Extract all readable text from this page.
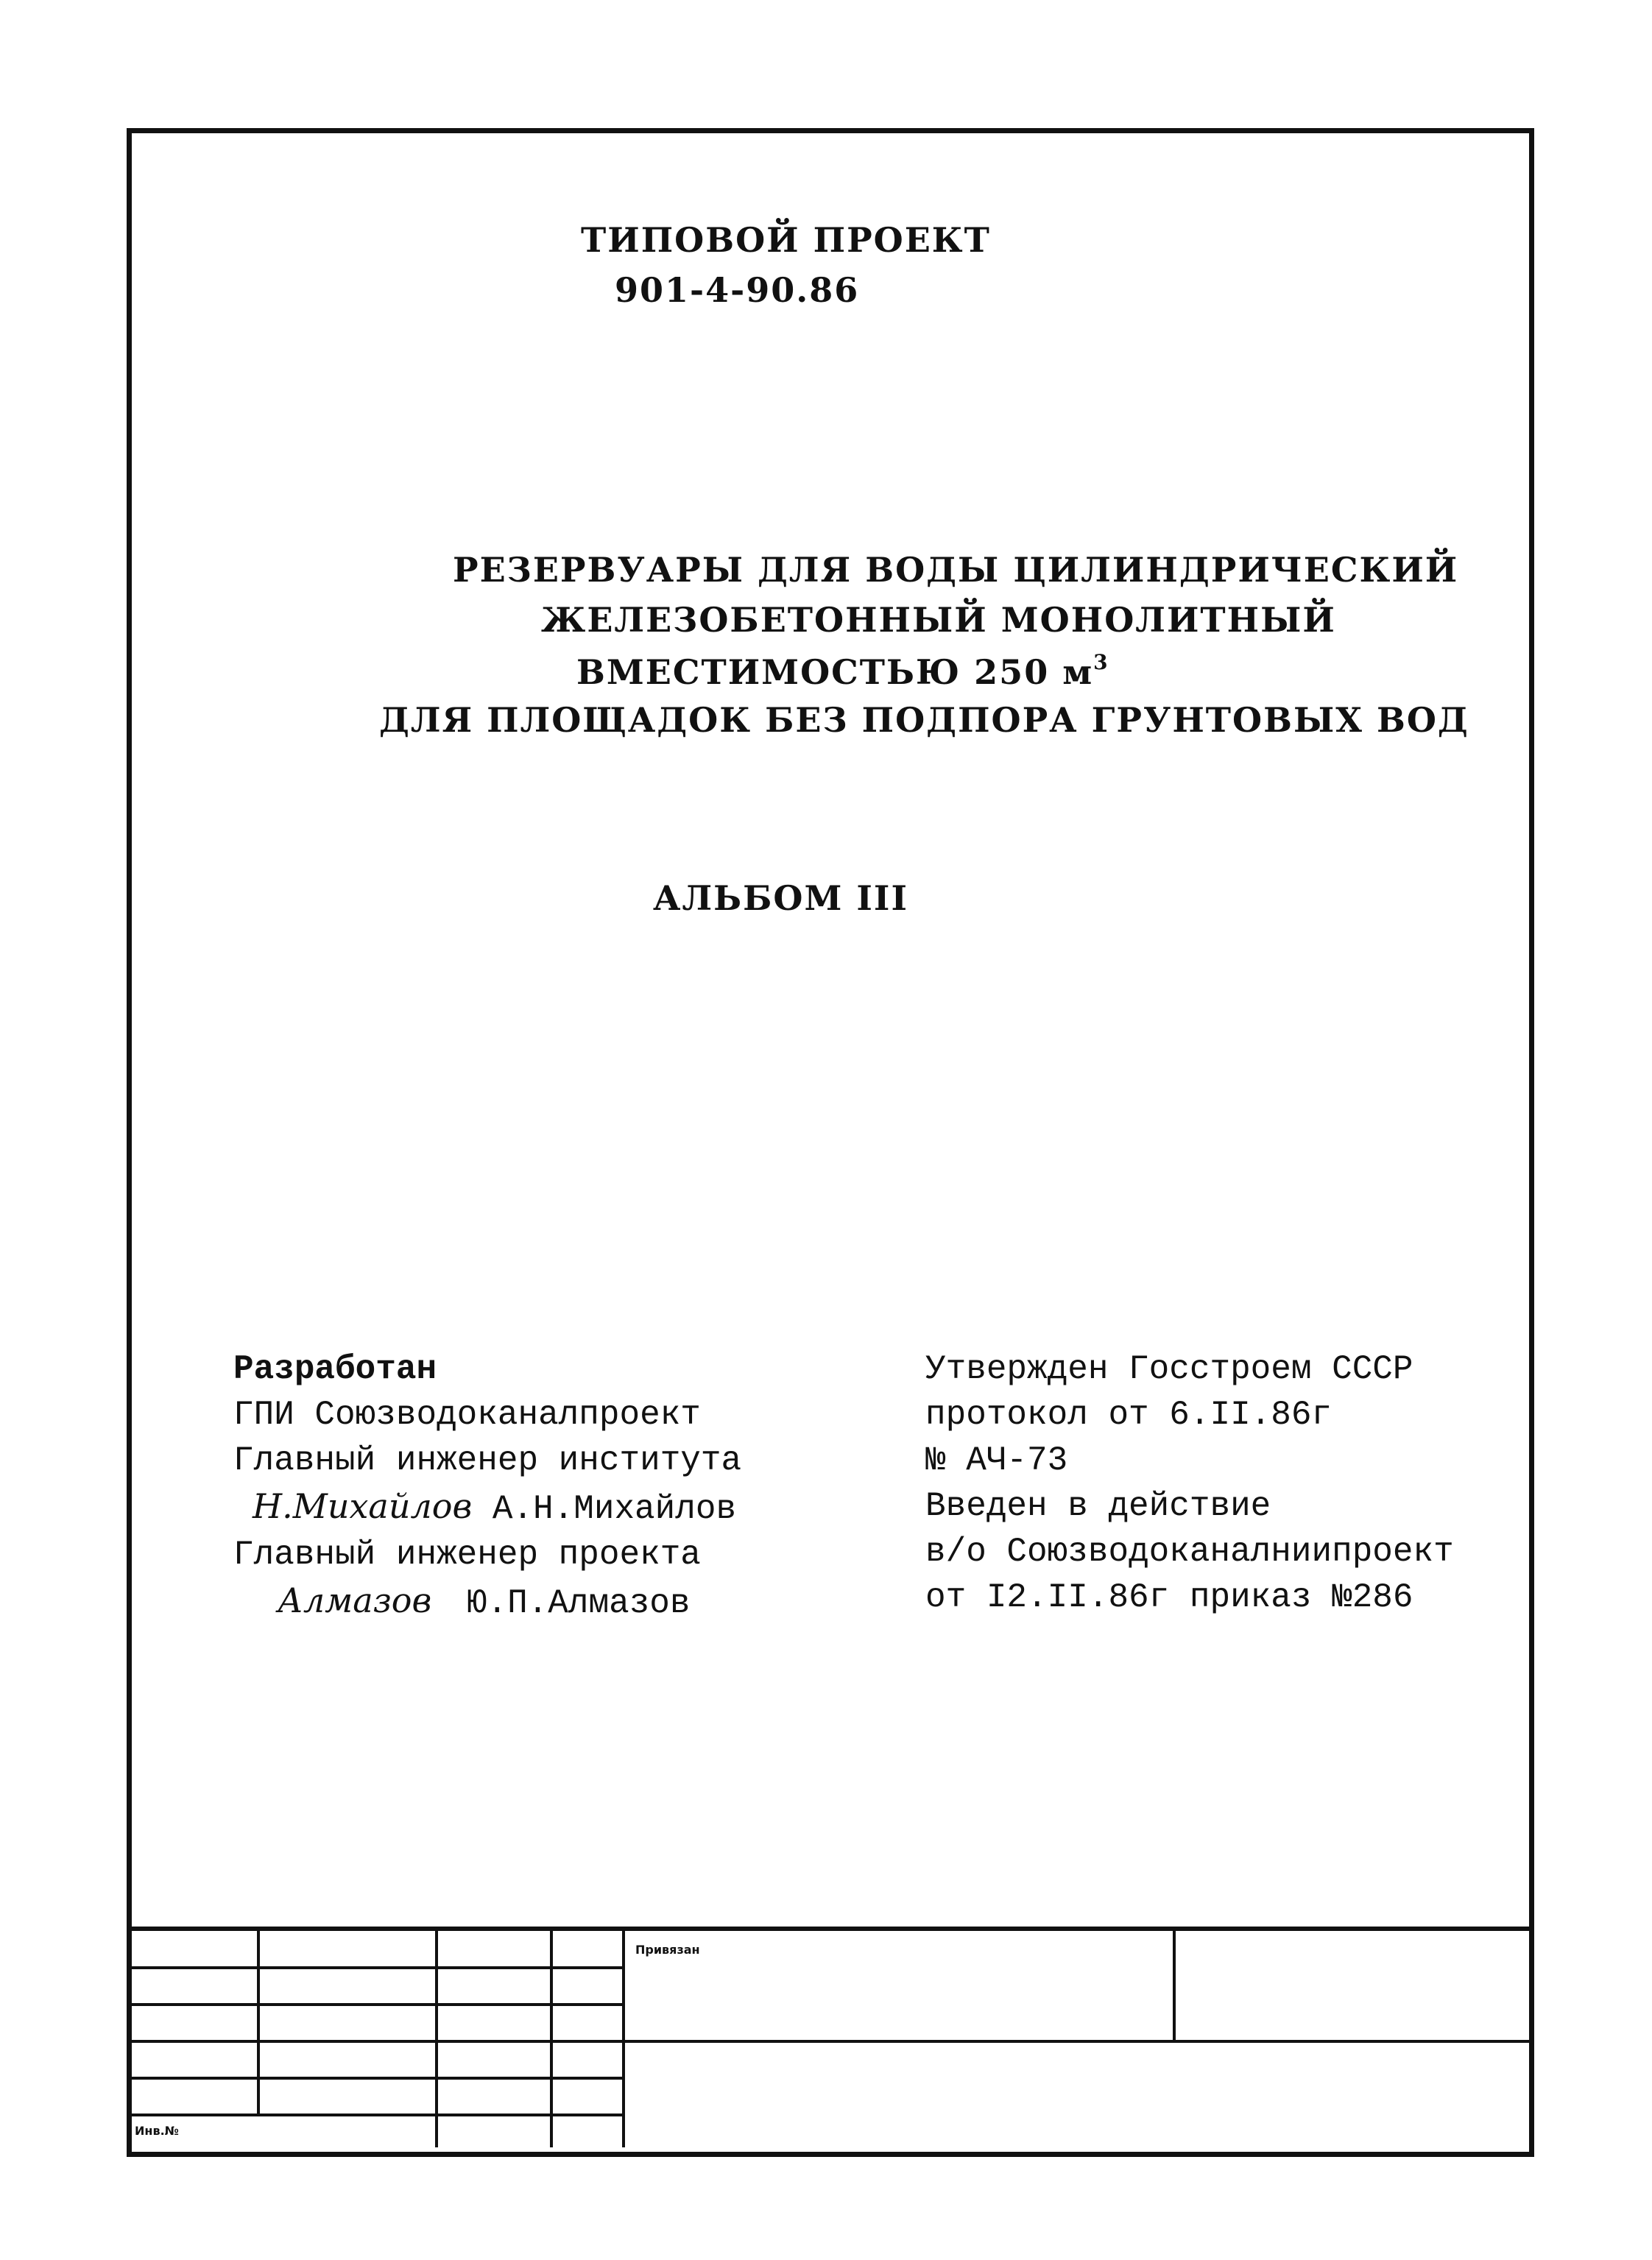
ТИПОВОЙ ПРОЕКТ
901-4-90.86
РЕЗЕРВУАРЫ ДЛЯ ВОДЫ ЦИЛИНДРИЧЕСКИЙ
ЖЕЛЕЗОБЕТОННЫЙ МОНОЛИТНЫЙ
ВМЕСТИМОСТЬЮ 250 $м^3$
ДЛЯ ПЛОЩАДОК БЕЗ ПОДПОРА ГРУНТОВЫХ ВОД
АЛЬБОМ III
Разработан
ГПИ Союзводоканалпроект
Главный инженер института
Н.Михайлов А.Н.Михайлов
Главный инженер проекта
Алмазов Ю.П.Алмазов
Утвержден Госстроем СССР
протокол от 6.II.86г
№ АЧ-73
Введен в действие
в/о Союзводоканалниипроект
от I2.II.86г приказ №286
Привязан
Инв.№
